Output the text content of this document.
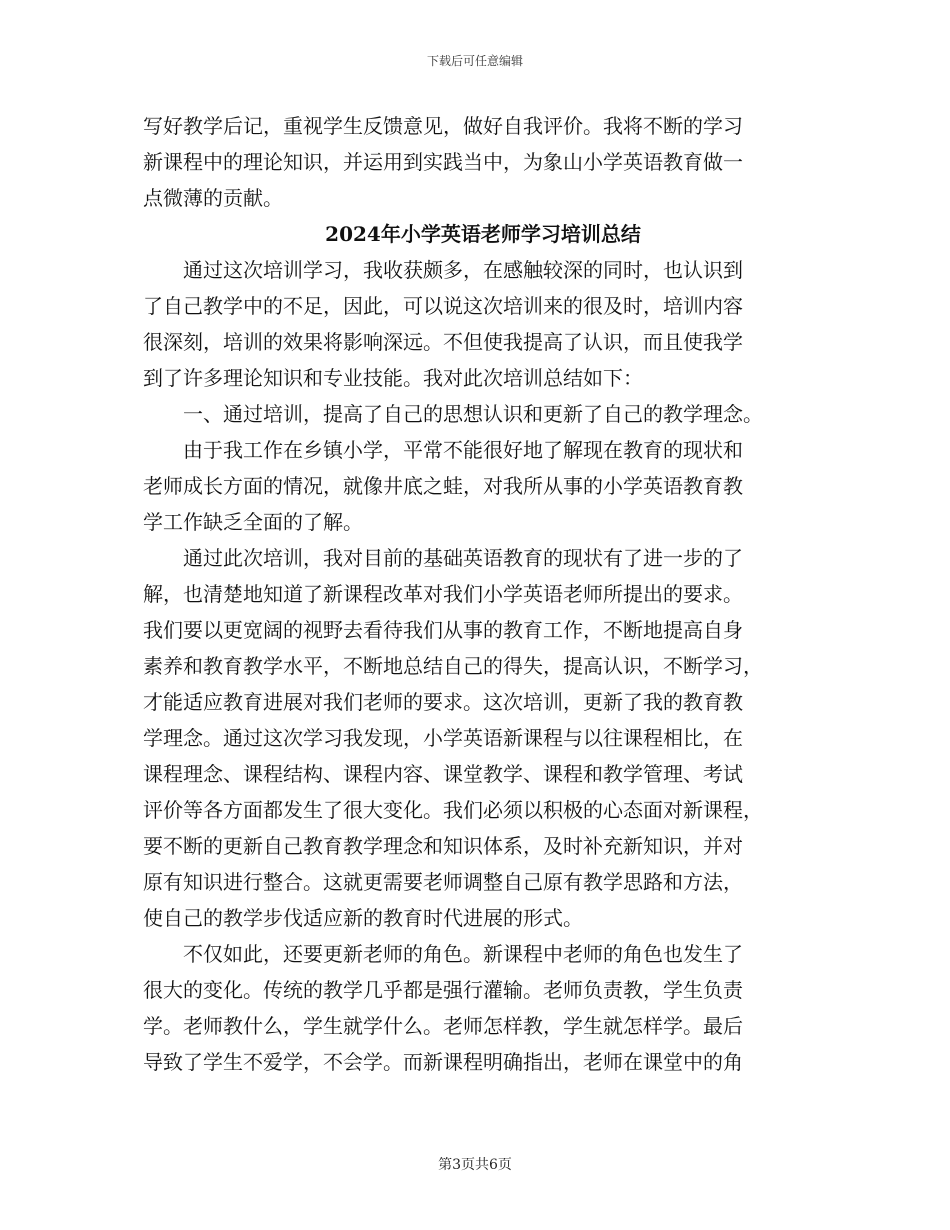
下载后可任意编辑
写好教学后记，重视学生反馈意见，做好自我评价。我将不断的学习
新课程中的理论知识，并运用到实践当中，为象山小学英语教育做一
点微薄的贡献。
2024年小学英语老师学习培训总结
通过这次培训学习，我收获颇多，在感触较深的同时，也认识到
了自己教学中的不足，因此，可以说这次培训来的很及时，培训内容
很深刻，培训的效果将影响深远。不但使我提高了认识，而且使我学
到了许多理论知识和专业技能。我对此次培训总结如下：
一、通过培训，提高了自己的思想认识和更新了自己的教学理念。
由于我工作在乡镇小学，平常不能很好地了解现在教育的现状和
老师成长方面的情况，就像井底之蛙，对我所从事的小学英语教育教
学工作缺乏全面的了解。
通过此次培训，我对目前的基础英语教育的现状有了进一步的了
解，也清楚地知道了新课程改革对我们小学英语老师所提出的要求。
我们要以更宽阔的视野去看待我们从事的教育工作，不断地提高自身
素养和教育教学水平，不断地总结自己的得失，提高认识，不断学习，
才能适应教育进展对我们老师的要求。这次培训，更新了我的教育教
学理念。通过这次学习我发现，小学英语新课程与以往课程相比，在
课程理念、课程结构、课程内容、课堂教学、课程和教学管理、考试
评价等各方面都发生了很大变化。我们必须以积极的心态面对新课程，
要不断的更新自己教育教学理念和知识体系，及时补充新知识，并对
原有知识进行整合。这就更需要老师调整自己原有教学思路和方法，
使自己的教学步伐适应新的教育时代进展的形式。
不仅如此，还要更新老师的角色。新课程中老师的角色也发生了
很大的变化。传统的教学几乎都是强行灌输。老师负责教，学生负责
学。老师教什么，学生就学什么。老师怎样教，学生就怎样学。最后
导致了学生不爱学，不会学。而新课程明确指出，老师在课堂中的角
第3页共6页
